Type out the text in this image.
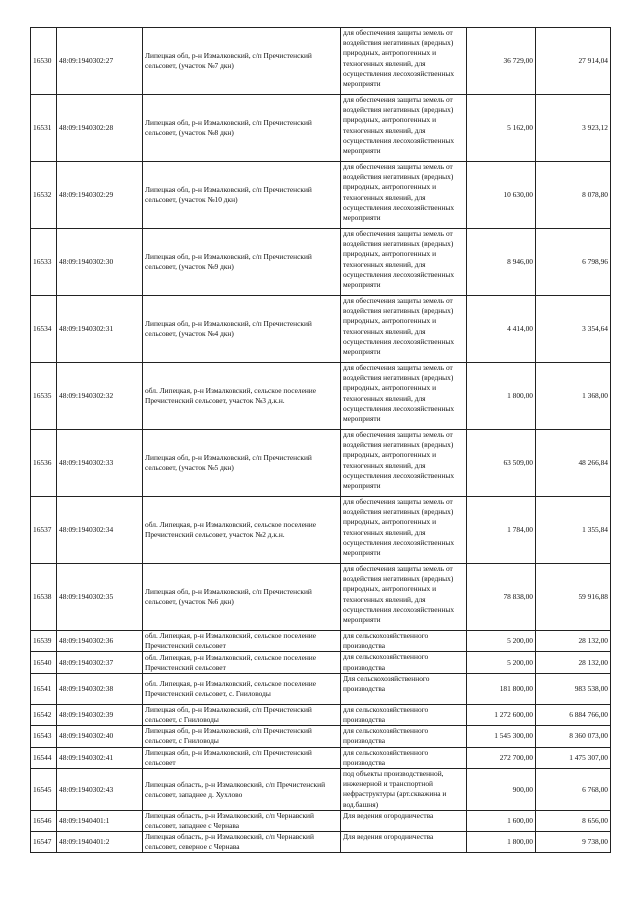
16530	48:09:1940302:27	Липецкая обл, р-н Измалковский, с/п Пречистенский сельсовет, (участок №7 дкн)	для обеспечения защиты земель от воздействия негативных (вредных) природных, антропогенных и техногенных явлений, для осуществления лесохозяйственных мероприяти	36 729,00	27 914,04
16531	48:09:1940302:28	Липецкая обл, р-н Измалковский, с/п Пречистенский сельсовет, (участок №8 дкн)	для обеспечения защиты земель от воздействия негативных (вредных) природных, антропогенных и техногенных явлений, для осуществления лесохозяйственных мероприяти	5 162,00	3 923,12
16532	48:09:1940302:29	Липецкая обл, р-н Измалковский, с/п Пречистенский сельсовет, (участок №10 дкн)	для обеспечения защиты земель от воздействия негативных (вредных) природных, антропогенных и техногенных явлений, для осуществления лесохозяйственных мероприяти	10 630,00	8 078,80
16533	48:09:1940302:30	Липецкая обл, р-н Измалковский, с/п Пречистенский сельсовет, (участок №9 дкн)	для обеспечения защиты земель от воздействия негативных (вредных) природных, антропогенных и техногенных явлений, для осуществления лесохозяйственных мероприяти	8 946,00	6 798,96
16534	48:09:1940302:31	Липецкая обл, р-н Измалковский, с/п Пречистенский сельсовет, (участок №4 дкн)	для обеспечения защиты земель от воздействия негативных (вредных) природных, антропогенных и техногенных явлений, для осуществления лесохозяйственных мероприяти	4 414,00	3 354,64
16535	48:09:1940302:32	обл. Липецкая, р-н Измалковский, сельское поселение Пречистенский сельсовет, участок №3 д.к.н.	для обеспечения защиты земель от воздействия негативных (вредных) природных, антропогенных и техногенных явлений, для осуществления лесохозяйственных мероприяти	1 800,00	1 368,00
16536	48:09:1940302:33	Липецкая обл, р-н Измалковский, с/п Пречистенский сельсовет, (участок №5 дкн)	для обеспечения защиты земель от воздействия негативных (вредных) природных, антропогенных и техногенных явлений, для осуществления лесохозяйственных мероприяти	63 509,00	48 266,84
16537	48:09:1940302:34	обл. Липецкая, р-н Измалковский, сельское поселение Пречистенский сельсовет, участок №2 д.к.н.	для обеспечения защиты земель от воздействия негативных (вредных) природных, антропогенных и техногенных явлений, для осуществления лесохозяйственных мероприяти	1 784,00	1 355,84
16538	48:09:1940302:35	Липецкая обл, р-н Измалковский, с/п Пречистенский сельсовет, (участок №6 дкн)	для обеспечения защиты земель от воздействия негативных (вредных) природных, антропогенных и техногенных явлений, для осуществления лесохозяйственных мероприяти	78 838,00	59 916,88
16539	48:09:1940302:36	обл. Липецкая, р-н Измалковский, сельское поселение Пречистенский сельсовет	для сельскохозяйственного производства	5 200,00	28 132,00
16540	48:09:1940302:37	обл. Липецкая, р-н Измалковский, сельское поселение Пречистенский сельсовет	для сельскохозяйственного производства	5 200,00	28 132,00
16541	48:09:1940302:38	обл. Липецкая, р-н Измалковский, сельское поселение Пречистенский сельсовет, с. Гниловоды	Для сельскохозяйственного производства	181 800,00	983 538,00
16542	48:09:1940302:39	Липецкая обл, р-н Измалковский, с/п Пречистенский сельсовет, с Гниловоды	для сельскохозяйственного производства	1 272 600,00	6 884 766,00
16543	48:09:1940302:40	Липецкая обл, р-н Измалковский, с/п Пречистенский сельсовет, с Гниловоды	для сельскохозяйственного производства	1 545 300,00	8 360 073,00
16544	48:09:1940302:41	Липецкая обл, р-н Измалковский, с/п Пречистенский сельсовет	для сельскохозяйственного производства	272 700,00	1 475 307,00
16545	48:09:1940302:43	Липецкая область, р-н Измалковский, с/п Пречистенский сельсовет, западнее д. Хухлово	под объекты производственной, инженерной и транспортной нефраструктуры (арт.скважина и вод.башня)	900,00	6 768,00
16546	48:09:1940401:1	Липецкая область, р-н Измалковский, с/п Чернавский сельсовет, западнее с Чернава	Для ведения огородничества	1 600,00	8 656,00
16547	48:09:1940401:2	Липецкая область, р-н Измалковский, с/п Чернавский сельсовет, северное с Чернава	Для ведения огородничества	1 800,00	9 738,00
